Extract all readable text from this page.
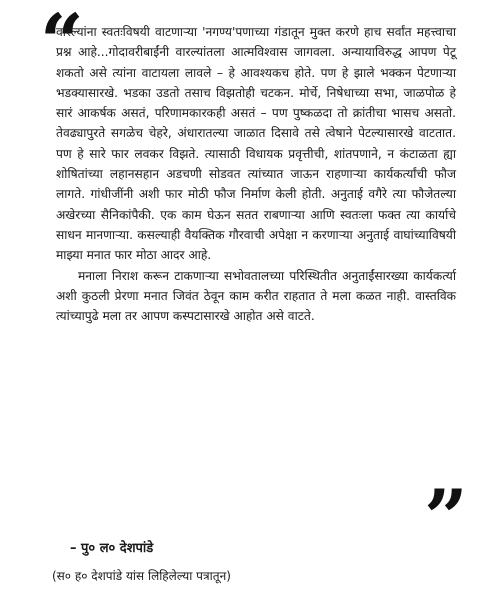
“

वारल्यांना स्वतःविषयी वाटणाऱ्या 'नगण्य'पणाच्या गंडातून मुक्त करणे हाच सर्वांत महत्त्वाचा प्रश्न आहे...गोदावरीबाईंनी वारल्यांतला आत्मविश्वास जागवला. अन्यायाविरुद्ध आपण पेटू शकतो असे त्यांना वाटायला लावले – हे आवश्यकच होते. पण हे झाले भक्कन पेटणाऱ्या भडक्यासारखे. भडका उडतो तसाच विझतोही चटकन. मोर्चे, निषेधाच्या सभा, जाळपोळ हे सारं आकर्षक असतं, परिणामकारकही असतं – पण पुष्कळदा तो क्रांतीचा भासच असतो. तेवढ्यापुरते सगळेच चेहरे, अंधारातल्या जाळात दिसावे तसे त्वेषाने पेटल्यासारखे वाटतात. पण हे सारे फार लवकर विझते. त्यासाठी विधायक प्रवृत्तीची, शांतपणाने, न कंटाळता ह्या शोषितांच्या लहानसहान अडचणी सोडवत त्यांच्यात जाऊन राहणाऱ्या कार्यकर्त्यांची फौज लागते. गांधीजींनी अशी फार मोठी फौज निर्माण केली होती. अनुताई वगैरे त्या फौजेतल्या अखेरच्या सैनिकांपैकी. एक काम घेऊन सतत राबणाऱ्या आणि स्वतःला फक्त त्या कार्याचे साधन मानणाऱ्या. कसल्याही वैयक्तिक गौरवाची अपेक्षा न करणाऱ्या अनुताई वाघांच्याविषयी माझ्या मनात फार मोठा आदर आहे.

मनाला निराश करून टाकणाऱ्या सभोवतालच्या परिस्थितीत अनुताईंसारख्या कार्यकर्त्या अशी कुठली प्रेरणा मनात जिवंत ठेवून काम करीत राहतात ते मला कळत नाही. वास्तविक त्यांच्यापुढे मला तर आपण कस्पटासारखे आहोत असे वाटते.

”
– पु० ल० देशपांडे
(स० ह० देशपांडे यांस लिहिलेल्या पत्रातून)
